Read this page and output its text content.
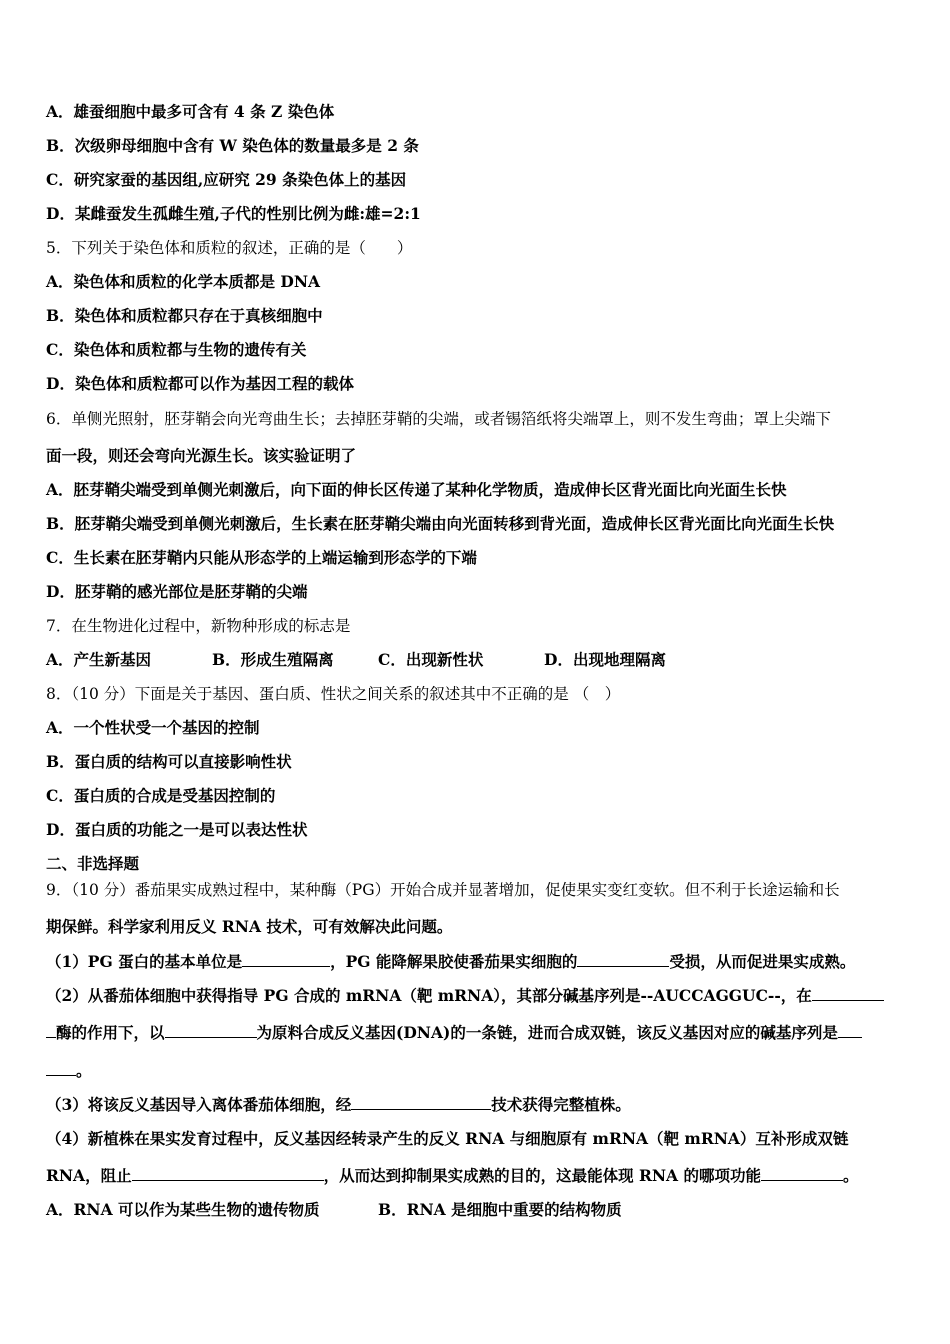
A．雄蚕细胞中最多可含有 4 条 Z 染色体
B．次级卵母细胞中含有 W 染色体的数量最多是 2 条
C．研究家蚕的基因组,应研究 29 条染色体上的基因
D．某雌蚕发生孤雌生殖,子代的性别比例为雌:雄=2:1
5．下列关于染色体和质粒的叙述，正确的是（　　）
A．染色体和质粒的化学本质都是 DNA
B．染色体和质粒都只存在于真核细胞中
C．染色体和质粒都与生物的遗传有关
D．染色体和质粒都可以作为基因工程的载体
6．单侧光照射，胚芽鞘会向光弯曲生长；去掉胚芽鞘的尖端，或者锡箔纸将尖端罩上，则不发生弯曲；罩上尖端下
面一段，则还会弯向光源生长。该实验证明了
A．胚芽鞘尖端受到单侧光刺激后，向下面的伸长区传递了某种化学物质，造成伸长区背光面比向光面生长快
B．胚芽鞘尖端受到单侧光刺激后，生长素在胚芽鞘尖端由向光面转移到背光面，造成伸长区背光面比向光面生长快
C．生长素在胚芽鞘内只能从形态学的上端运输到形态学的下端
D．胚芽鞘的感光部位是胚芽鞘的尖端
7．在生物进化过程中，新物种形成的标志是
A．产生新基因	B．形成生殖隔离	C．出现新性状	D．出现地理隔离
8．（10 分）下面是关于基因、蛋白质、性状之间关系的叙述其中不正确的是 （　）
A．一个性状受一个基因的控制
B．蛋白质的结构可以直接影响性状
C．蛋白质的合成是受基因控制的
D．蛋白质的功能之一是可以表达性状
二、非选择题
9．（10 分）番茄果实成熟过程中，某种酶（PG）开始合成并显著增加，促使果实变红变软。但不利于长途运输和长
期保鲜。科学家利用反义 RNA 技术，可有效解决此问题。
（1）PG 蛋白的基本单位是	，PG 能降解果胶使番茄果实细胞的	受损，从而促进果实成熟。
（2）从番茄体细胞中获得指导 PG 合成的 mRNA（靶 mRNA），其部分碱基序列是--AUCCAGGUC--，在
酶的作用下，以	为原料合成反义基因(DNA)的一条链，进而合成双链，该反义基因对应的碱基序列是
。
（3）将该反义基因导入离体番茄体细胞，经	技术获得完整植株。
（4）新植株在果实发育过程中，反义基因经转录产生的反义 RNA 与细胞原有 mRNA（靶 mRNA）互补形成双链
RNA，阻止	，从而达到抑制果实成熟的目的，这最能体现 RNA 的哪项功能	。
A．RNA 可以作为某些生物的遗传物质	B．RNA 是细胞中重要的结构物质
